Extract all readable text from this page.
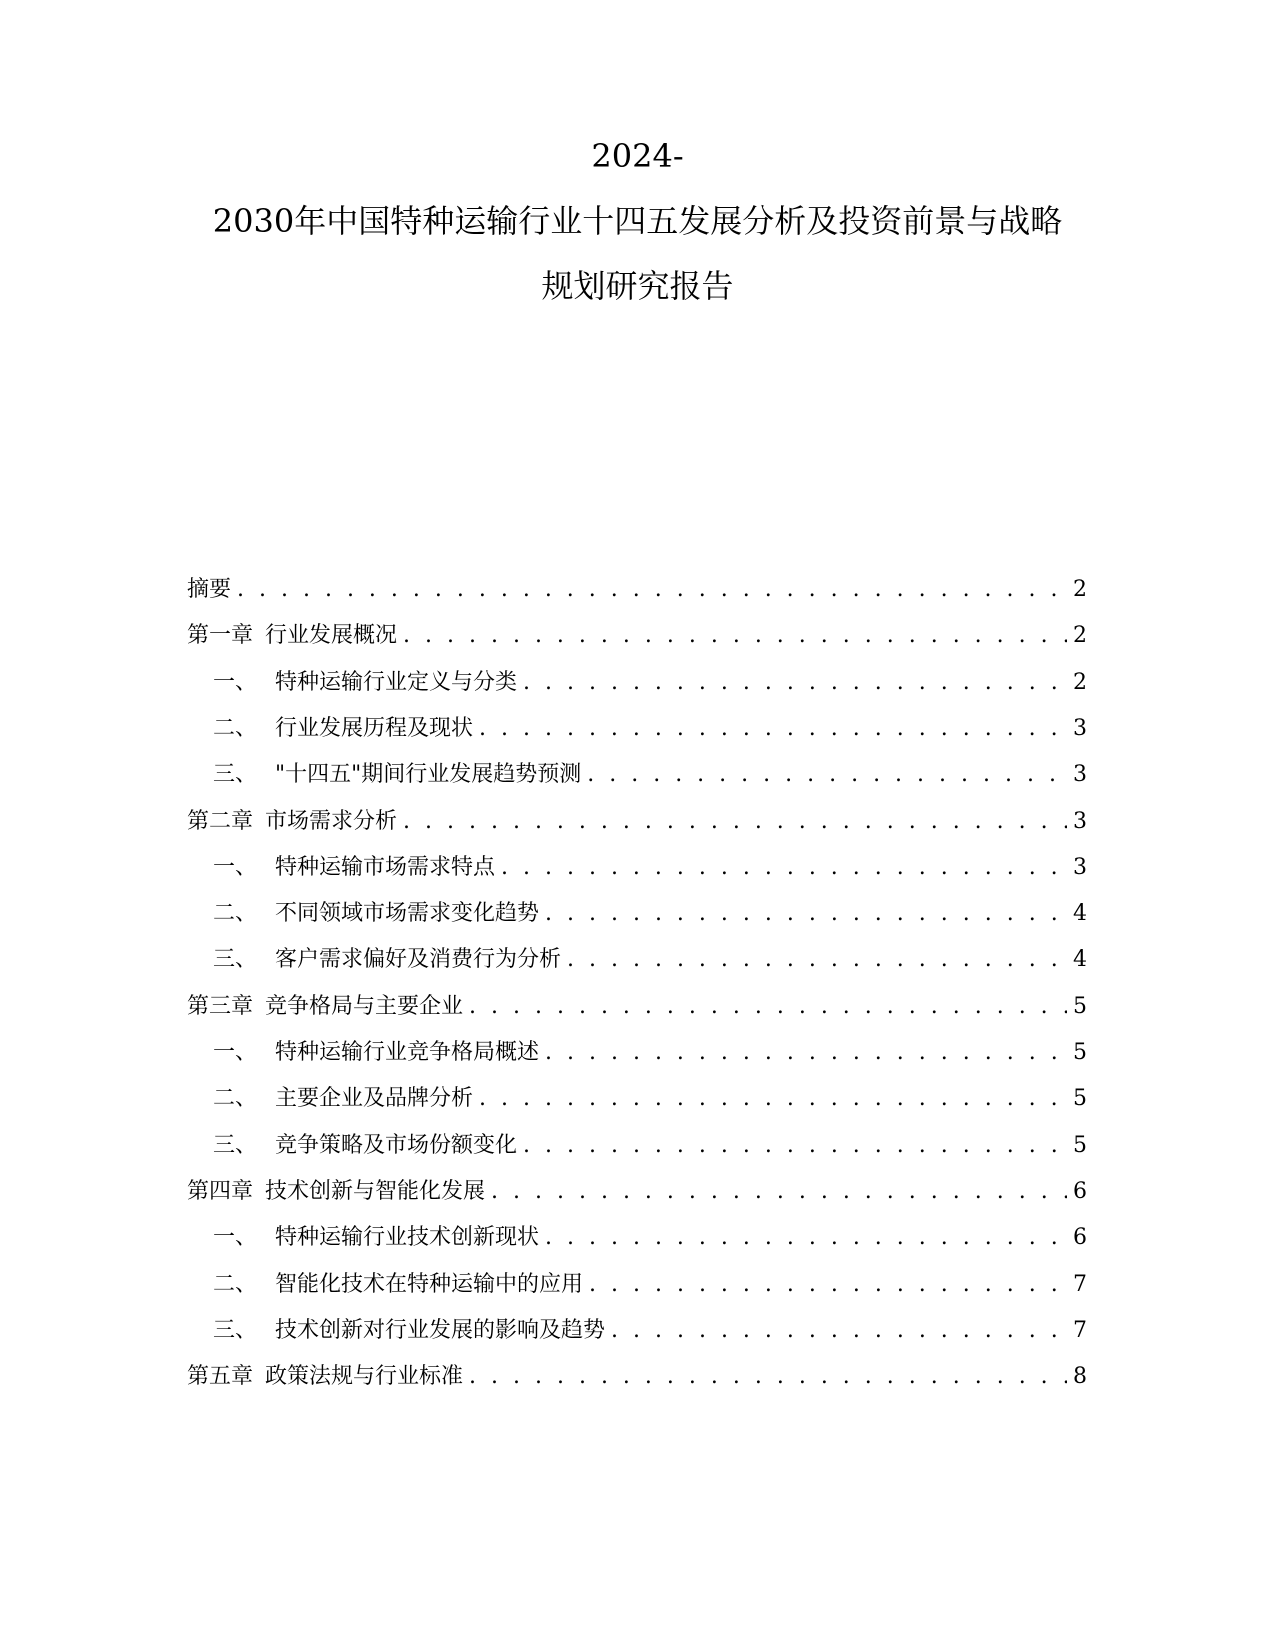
2024-
2030年中国特种运输行业十四五发展分析及投资前景与战略
规划研究报告
摘要 . . .	2
第一章 行业发展概况 . . .	2
一、 特种运输行业定义与分类 . . .	2
二、 行业发展历程及现状 . . .	3
三、 "十四五"期间行业发展趋势预测 . . .	3
第二章 市场需求分析 . . .	3
一、 特种运输市场需求特点 . . .	3
二、 不同领域市场需求变化趋势 . . .	4
三、 客户需求偏好及消费行为分析 . . .	4
第三章 竞争格局与主要企业 . . .	5
一、 特种运输行业竞争格局概述 . . .	5
二、 主要企业及品牌分析 . . .	5
三、 竞争策略及市场份额变化 . . .	5
第四章 技术创新与智能化发展 . . .	6
一、 特种运输行业技术创新现状 . . .	6
二、 智能化技术在特种运输中的应用 . . .	7
三、 技术创新对行业发展的影响及趋势 . . .	7
第五章 政策法规与行业标准 . . .	8
